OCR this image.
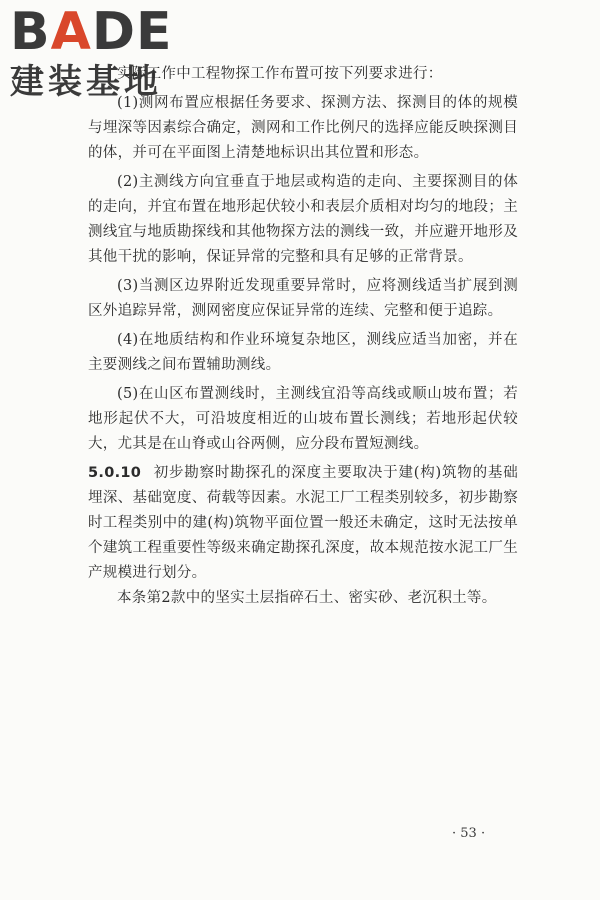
BADE
建装基地

实际工作中工程物探工作布置可按下列要求进行：

(1)测网布置应根据任务要求、探测方法、探测目的体的规模与埋深等因素综合确定，测网和工作比例尺的选择应能反映探测目的体，并可在平面图上清楚地标识出其位置和形态。

(2)主测线方向宜垂直于地层或构造的走向、主要探测目的体的走向，并宜布置在地形起伏较小和表层介质相对均匀的地段；主测线宜与地质勘探线和其他物探方法的测线一致，并应避开地形及其他干扰的影响，保证异常的完整和具有足够的正常背景。

(3)当测区边界附近发现重要异常时，应将测线适当扩展到测区外追踪异常，测网密度应保证异常的连续、完整和便于追踪。

(4)在地质结构和作业环境复杂地区，测线应适当加密，并在主要测线之间布置辅助测线。

(5)在山区布置测线时，主测线宜沿等高线或顺山坡布置；若地形起伏不大，可沿坡度相近的山坡布置长测线；若地形起伏较大，尤其是在山脊或山谷两侧，应分段布置短测线。

5.0.10 初步勘察时勘探孔的深度主要取决于建(构)筑物的基础埋深、基础宽度、荷载等因素。水泥工厂工程类别较多，初步勘察时工程类别中的建(构)筑物平面位置一般还未确定，这时无法按单个建筑工程重要性等级来确定勘探孔深度，故本规范按水泥工厂生产规模进行划分。

本条第2款中的坚实土层指碎石土、密实砂、老沉积土等。

· 53 ·
